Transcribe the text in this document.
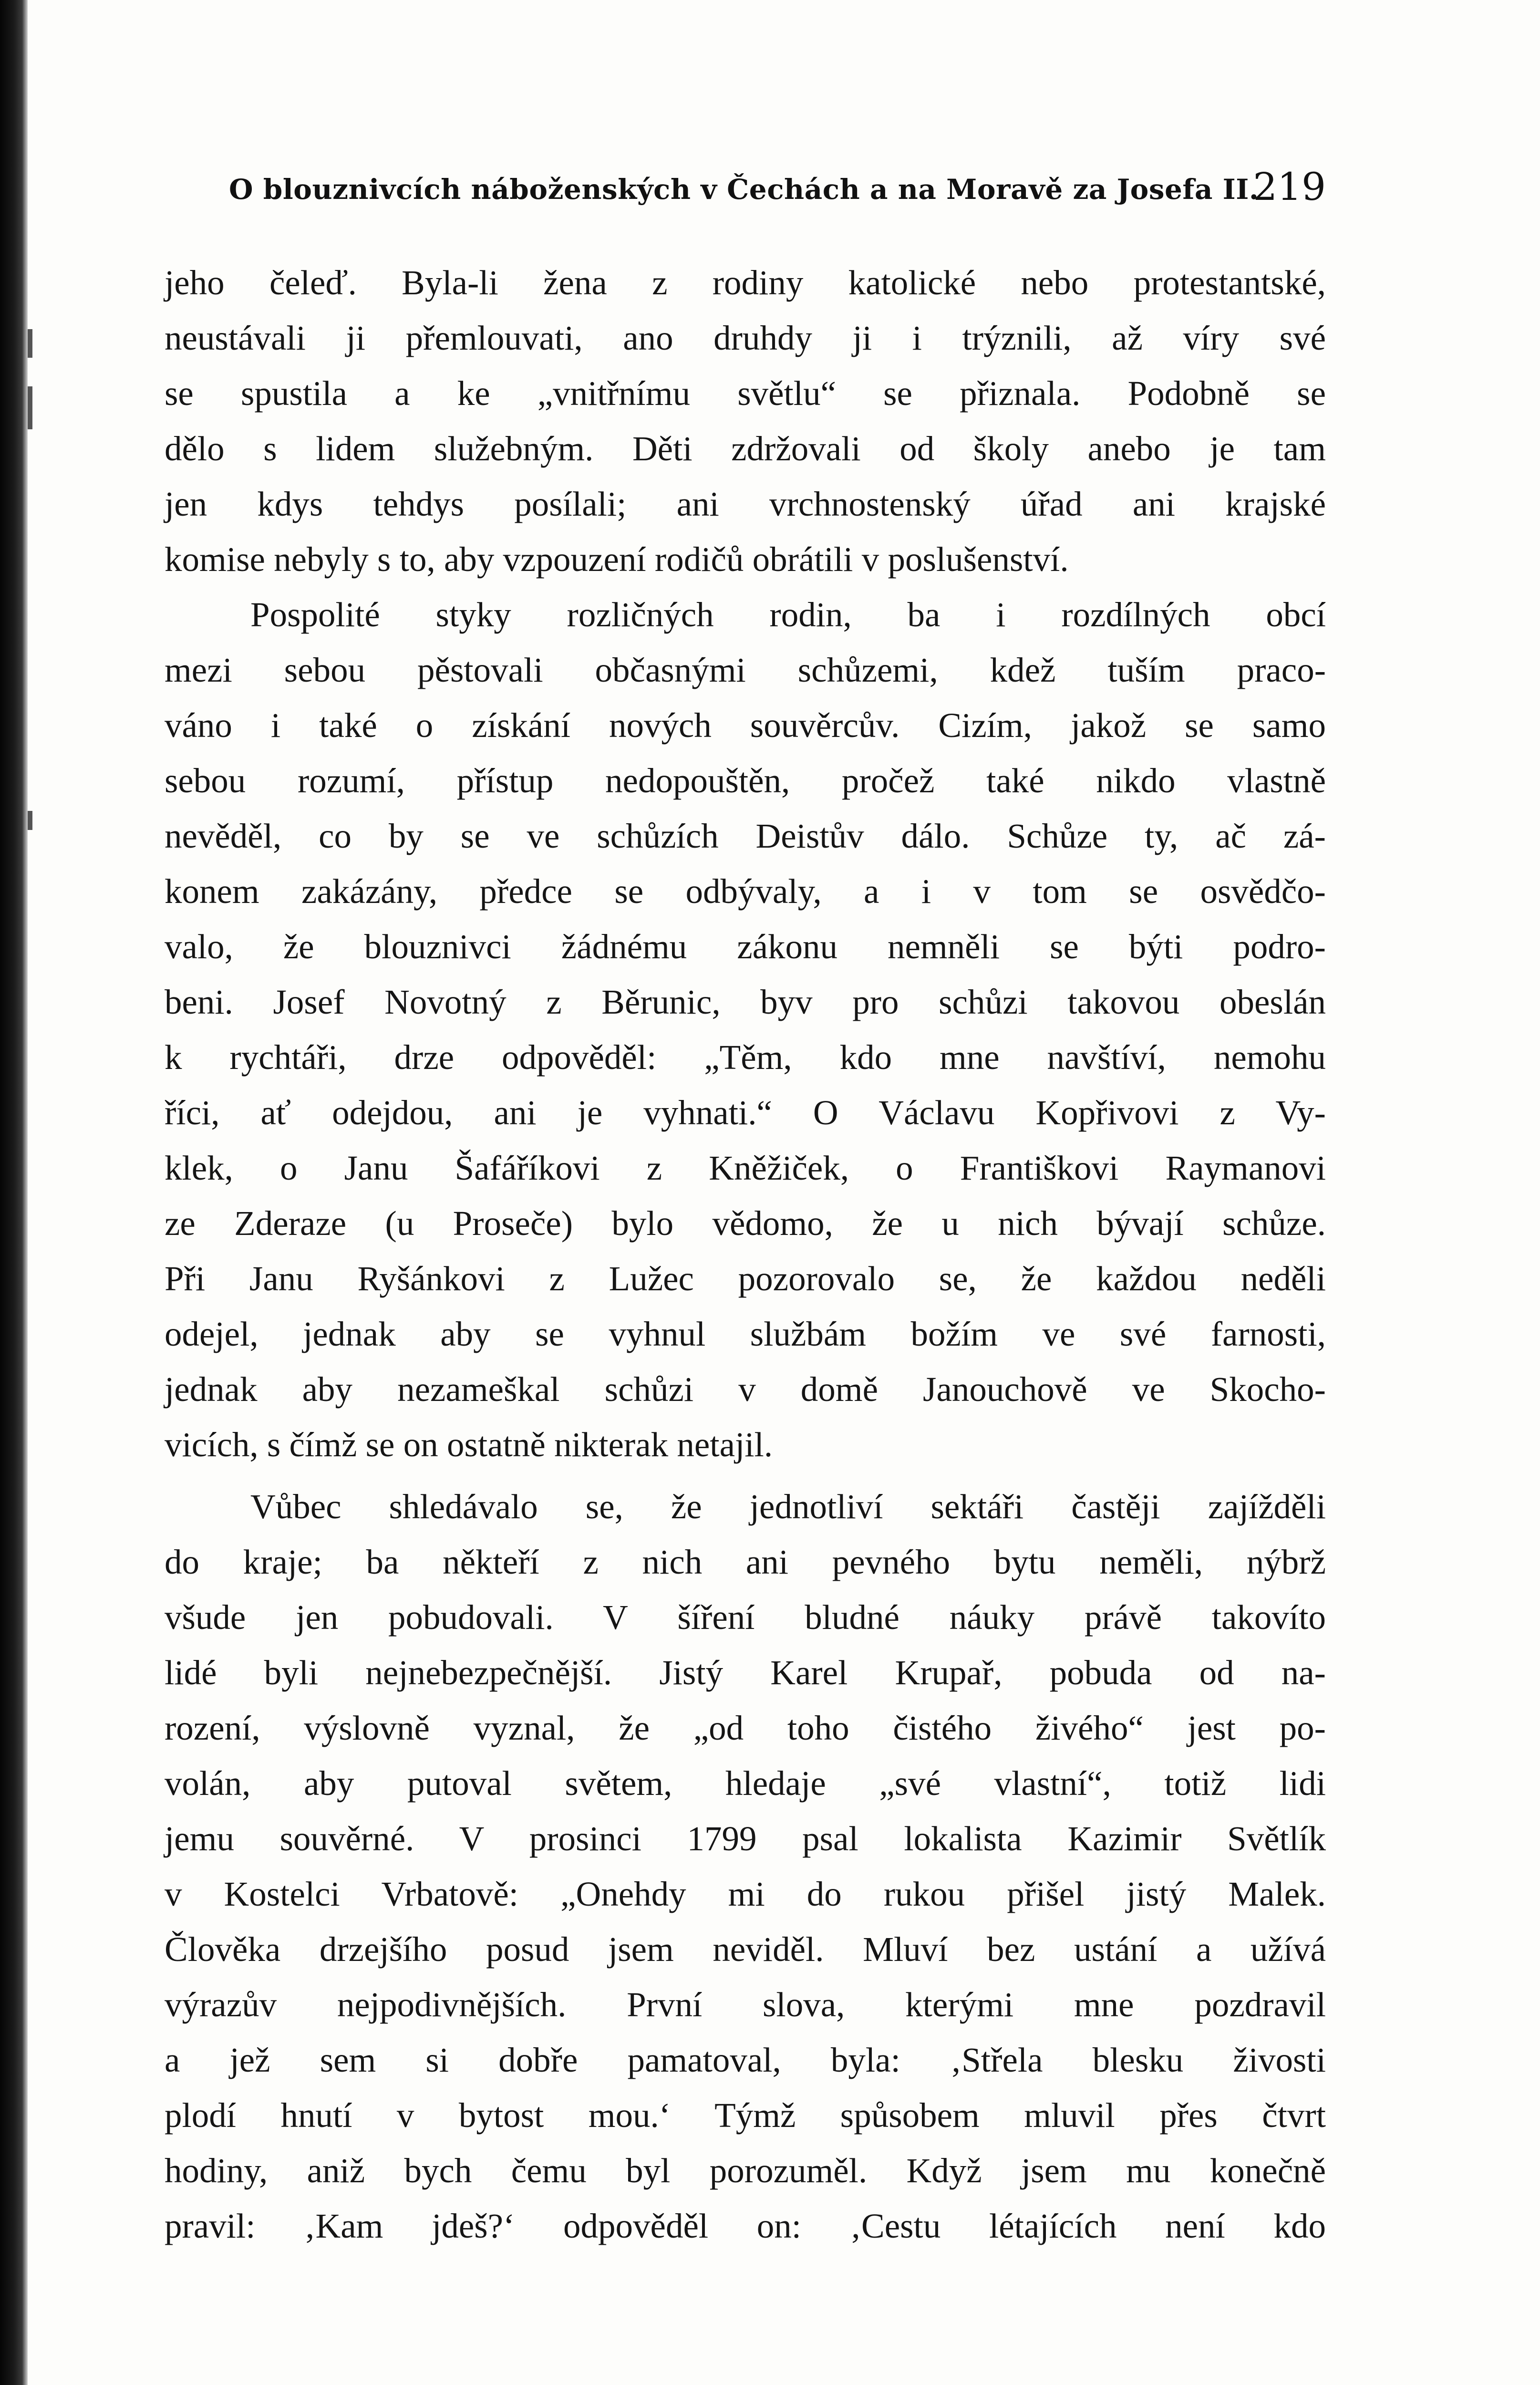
O blouznivcích náboženských v Čechách a na Moravě za Josefa II.
219
jeho čeleď. Byla-li žena z rodiny katolické nebo protestantské,
neustávali ji přemlouvati, ano druhdy ji i trýznili, až víry své
se spustila a ke „vnitřnímu světlu“ se přiznala. Podobně se
dělo s lidem služebným. Děti zdržovali od školy anebo je tam
jen kdys tehdys posílali; ani vrchnostenský úřad ani krajské
komise nebyly s to, aby vzpouzení rodičů obrátili v poslušenství.
Pospolité styky rozličných rodin, ba i rozdílných obcí
mezi sebou pěstovali občasnými schůzemi, kdež tuším praco-
váno i také o získání nových souvěrcův. Cizím, jakož se samo
sebou rozumí, přístup nedopouštěn, pročež také nikdo vlastně
nevěděl, co by se ve schůzích Deistův dálo. Schůze ty, ač zá-
konem zakázány, předce se odbývaly, a i v tom se osvědčo-
valo, že blouznivci žádnému zákonu nemněli se býti podro-
beni. Josef Novotný z Běrunic, byv pro schůzi takovou obeslán
k rychtáři, drze odpověděl: „Těm, kdo mne navštíví, nemohu
říci, ať odejdou, ani je vyhnati.“ O Václavu Kopřivovi z Vy-
klek, o Janu Šafáříkovi z Kněžiček, o Františkovi Raymanovi
ze Zderaze (u Proseče) bylo vědomo, že u nich bývají schůze.
Při Janu Ryšánkovi z Lužec pozorovalo se, že každou neděli
odejel, jednak aby se vyhnul službám božím ve své farnosti,
jednak aby nezameškal schůzi v domě Janouchově ve Skocho-
vicích, s čímž se on ostatně nikterak netajil.
Vůbec shledávalo se, že jednotliví sektáři častěji zajížděli
do kraje; ba někteří z nich ani pevného bytu neměli, nýbrž
všude jen pobudovali. V šíření bludné náuky právě takovíto
lidé byli nejnebezpečnější. Jistý Karel Krupař, pobuda od na-
rození, výslovně vyznal, že „od toho čistého živého“ jest po-
volán, aby putoval světem, hledaje „své vlastní“, totiž lidi
jemu souvěrné. V prosinci 1799 psal lokalista Kazimir Světlík
v Kostelci Vrbatově: „Onehdy mi do rukou přišel jistý Malek.
Člověka drzejšího posud jsem neviděl. Mluví bez ustání a užívá
výrazův nejpodivnějších. První slova, kterými mne pozdravil
a jež sem si dobře pamatoval, byla: ‚Střela blesku živosti
plodí hnutí v bytost mou.‘ Týmž spůsobem mluvil přes čtvrt
hodiny, aniž bych čemu byl porozuměl. Když jsem mu konečně
pravil: ‚Kam jdeš?‘ odpověděl on: ‚Cestu létajících není kdo
